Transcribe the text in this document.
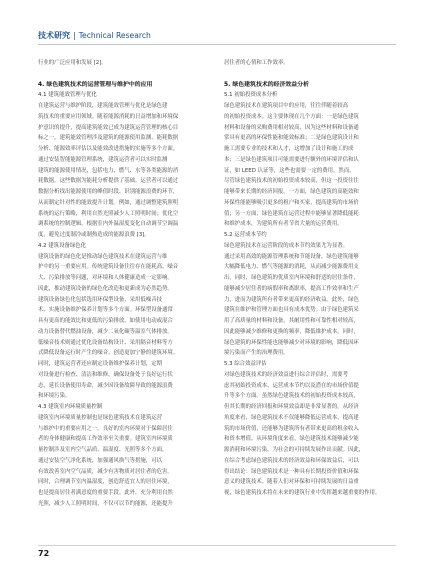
技术研究 | Technical Research
行业的广泛应用和发展 [2]。
4. 绿色建筑技术的运营管理与维护中的应用
4.1 建筑能效管理与优化
在建筑运营与维护阶段，建筑能效管理与优化是绿色建
筑技术的重要应用领域。随着能源消耗的日益增加和环境保
护意识的提升，提高建筑能效已成为建筑运营管理的核心目
标之一。建筑能效管理涉及建筑的能源使用监测、能耗数据
分析、能源效率评估以及能效改进措施的实施等多个方面。
通过安装智能能源管理系统，建筑运营者可以实时监测
建筑的能源使用情况，包括电力、燃气、水等各类能源的消
耗数据。这些数据为能耗分析提供了基础。运营者可以通过
数据分析找出能源使用的峰值时段、识别能源浪费的环节，
从而制定针对性的能效提升计划。例如，通过调整建筑照明
系统的运行策略，利用自然光照减少人工照明时间；优化空
调系统的控制逻辑，根据室内外温湿度变化自动调节空调温
度，避免过度制冷或制热造成的能源浪费 [3]。
4.2 建筑设备绿色化
建筑设备的绿色化是推动绿色建筑技术在建筑运营与维
护中的另一重要应用。传统建筑设备往往存在能耗高、噪音
大、污染排放等问题，对环境和人体健康造成一定影响。
因此，推动建筑设备的绿色化改造和更新成为必然趋势。
建筑设备绿色化包括选用环保型设备、采用低噪音技
术、实施设备维护保养计划等多个方面。环保型设备通常
具有更高的能效比和更低的污染排放，如使用电动或混合
动力设备替代燃油设备，减少二氧化碳等温室气体排放。
低噪音技术则通过优化设备结构设计、采用隔音材料等方
式降低设备运行时产生的噪音，创造更加宁静的建筑环境。
同时，建筑运营者还应制定设备维护保养计划，定期
对设备进行检查、清洁和维修，确保设备处于良好运行状
态，延长设备使用寿命，减少因设备故障导致的能源浪费
和环境污染。
4.3 建筑室内环境质量控制
建筑室内环境质量控制也是绿色建筑技术在建筑运营
与维护中的重要应用之一。良好的室内环境对于保障居住
者的身体健康和提高工作效率至关重要。建筑室内环境质
量控制涉及室内空气品质、温湿度、光照等多个方面。
通过安装空气净化系统，加强通风换气等措施，可以
有效改善室内空气品质，减少有害物质对居住者的危害。
同时，合理调节室内温湿度，创造舒适宜人的居住环境，
也是提高居住者满意度的重要手段。此外，充分利用自然
光照，减少人工照明时间，不仅可以节约能源，还能提升
居住者的心情和工作效率。
5. 绿色建筑技术的经济效益分析
5.1 初始投资成本分析
绿色建筑技术在建筑项目中的应用，往往伴随着较高
的初始投资成本。这主要体现在几个方面：一是绿色建筑
材料和设备的采购费用相对较高，因为这些材料和设备通
常具有更高的环保性能和能效标准；二是绿色建筑设计和
施工需要专业的技术和人才，这增加了设计和施工的成
本；三是绿色建筑项目可能需要进行额外的环境评估和认
证，如 LEED 认证等，这些也需要一定的费用。然而，
尽管绿色建筑技术的初始投资成本较高，但这一投资往往
能够带来长期的经济回报。一方面，绿色建筑的高能效和
环保性能能够吸引更多的租户和买家，提高建筑的市场价
值；另一方面，绿色建筑在运营过程中能够显著降低能耗
和维护成本，为建筑所有者节省大量的运营费用。
5.2 运营成本节约
绿色建筑技术在运营阶段的成本节约效果尤为显著。
通过采用高效的能源管理系统和节能设备，绿色建筑能够
大幅降低电力、燃气等能源的消耗，从而减少能源费用支
出。同时，绿色建筑的优质室内环境和舒适的居住条件，
能够减少居住者的病假率和离职率，提高工作效率和生产
力，进而为建筑所有者带来更高的经济收益。此外，绿色
建筑在维护和管理方面也具有成本优势。由于绿色建筑采
用了高质量的材料和设备，其耐用性和可靠性相对较高，
因此能够减少维修和更换的频率，降低维护成本。同时，
绿色建筑的环保性能也能够减少对环境的影响，降低因环
境污染而产生的治理费用。
5.3 综合效益评估
对绿色建筑技术的经济效益进行综合评估时，需要考
虑其初始投资成本、运营成本节约以及潜在的市场价值提
升等多个方面。虽然绿色建筑技术的初始投资成本较高，
但其长期的经济回报和环境效益却是非常显著的。从经济
角度来看，绿色建筑技术不仅能够降低运营成本，提高建
筑的市场价值，还能够为建筑所有者带来更高的租金收入
和资本增值。从环境角度来看，绿色建筑技术能够减少能
源消耗和环境污染，为社会的可持续发展作出贡献。因此，
在综合考虑绿色建筑技术的经济效益和环保效益后，可以
得出结论：绿色建筑技术是一种具有长期投资价值和环保
意义的建筑技术。随着人们对环保和可持续发展的日益重
视，绿色建筑技术将在未来的建筑行业中发挥越来越重要的作用。
72
